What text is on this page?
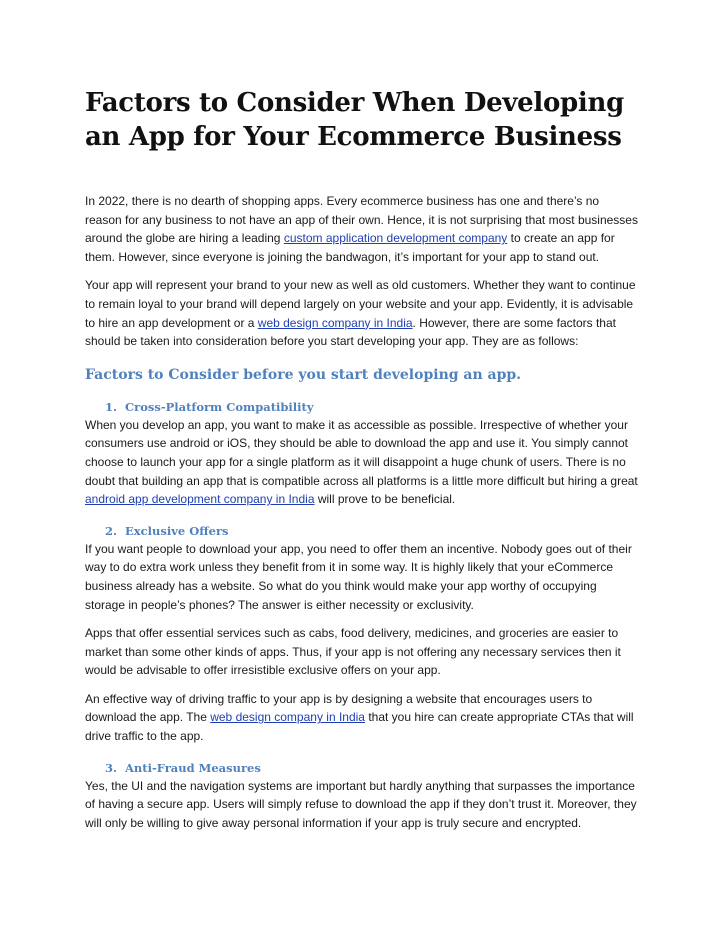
Factors to Consider When Developing an App for Your Ecommerce Business

In 2022, there is no dearth of shopping apps. Every ecommerce business has one and there’s no reason for any business to not have an app of their own. Hence, it is not surprising that most businesses around the globe are hiring a leading custom application development company to create an app for them. However, since everyone is joining the bandwagon, it’s important for your app to stand out.

Your app will represent your brand to your new as well as old customers. Whether they want to continue to remain loyal to your brand will depend largely on your website and your app. Evidently, it is advisable to hire an app development or a web design company in India. However, there are some factors that should be taken into consideration before you start developing your app. They are as follows:

Factors to Consider before you start developing an app.
1. Cross-Platform Compatibility

When you develop an app, you want to make it as accessible as possible. Irrespective of whether your consumers use android or iOS, they should be able to download the app and use it. You simply cannot choose to launch your app for a single platform as it will disappoint a huge chunk of users. There is no doubt that building an app that is compatible across all platforms is a little more difficult but hiring a great android app development company in India will prove to be beneficial.

2. Exclusive Offers

If you want people to download your app, you need to offer them an incentive. Nobody goes out of their way to do extra work unless they benefit from it in some way. It is highly likely that your eCommerce business already has a website. So what do you think would make your app worthy of occupying storage in people’s phones? The answer is either necessity or exclusivity.

Apps that offer essential services such as cabs, food delivery, medicines, and groceries are easier to market than some other kinds of apps. Thus, if your app is not offering any necessary services then it would be advisable to offer irresistible exclusive offers on your app.

An effective way of driving traffic to your app is by designing a website that encourages users to download the app. The web design company in India that you hire can create appropriate CTAs that will drive traffic to the app.

3. Anti-Fraud Measures

Yes, the UI and the navigation systems are important but hardly anything that surpasses the importance of having a secure app. Users will simply refuse to download the app if they don’t trust it. Moreover, they will only be willing to give away personal information if your app is truly secure and encrypted.
